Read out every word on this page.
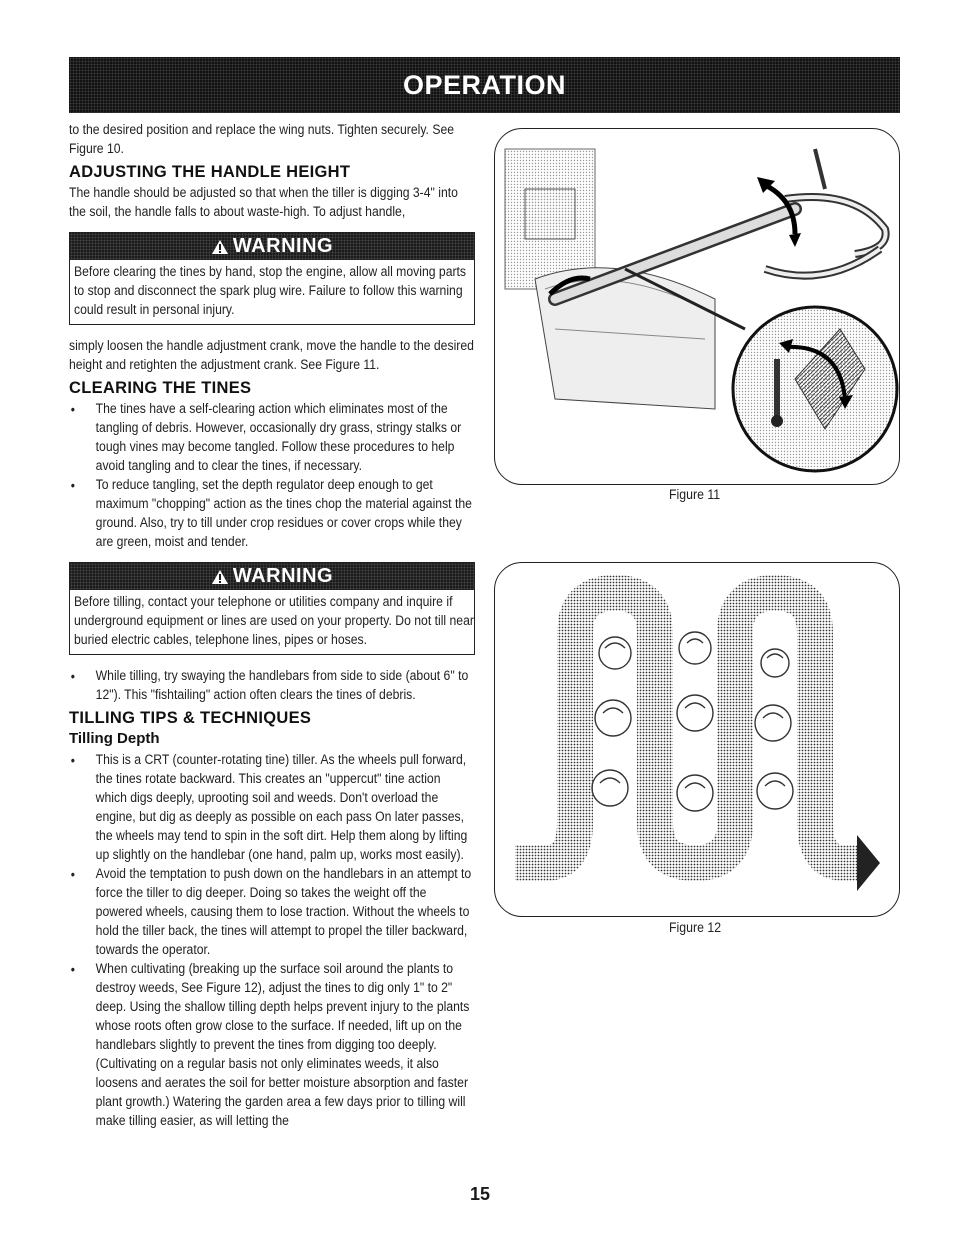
OPERATION

to the desired position and replace the wing nuts. Tighten securely. See Figure 10.

ADJUSTING THE HANDLE HEIGHT

The handle should be adjusted so that when the tiller is digging 3-4" into the soil, the handle falls to about waste-high. To adjust handle,

WARNING

Before clearing the tines by hand, stop the engine, allow all moving parts to stop and disconnect the spark plug wire. Failure to follow this warning could result in personal injury.

simply loosen the handle adjustment crank, move the handle to the desired height and retighten the adjustment crank. See Figure 11.

CLEARING THE TINES
• The tines have a self-clearing action which eliminates most of the tangling of debris. However, occasionally dry grass, stringy stalks or tough vines may become tangled. Follow these procedures to help avoid tangling and to clear the tines, if necessary.
• To reduce tangling, set the depth regulator deep enough to get maximum "chopping" action as the tines chop the material against the ground. Also, try to till under crop residues or cover crops while they are green, moist and tender.
WARNING

Before tilling, contact your telephone or utilities company and inquire if underground equipment or lines are used on your property. Do not till near buried electric cables, telephone lines, pipes or hoses.

• While tilling, try swaying the handlebars from side to side (about 6" to 12"). This "fishtailing" action often clears the tines of debris.
TILLING TIPS & TECHNIQUES
Tilling Depth
• This is a CRT (counter-rotating tine) tiller. As the wheels pull forward, the tines rotate backward. This creates an "uppercut" tine action which digs deeply, uprooting soil and weeds. Don't overload the engine, but dig as deeply as possible on each pass On later passes, the wheels may tend to spin in the soft dirt. Help them along by lifting up slightly on the handlebar (one hand, palm up, works most easily).
• Avoid the temptation to push down on the handlebars in an attempt to force the tiller to dig deeper. Doing so takes the weight off the powered wheels, causing them to lose traction. Without the wheels to hold the tiller back, the tines will attempt to propel the tiller backward, towards the operator.
• When cultivating (breaking up the surface soil around the plants to destroy weeds, See Figure 12), adjust the tines to dig only 1" to 2" deep. Using the shallow tilling depth helps prevent injury to the plants whose roots often grow close to the surface. If needed, lift up on the handlebars slightly to prevent the tines from digging too deeply. (Cultivating on a regular basis not only eliminates weeds, it also loosens and aerates the soil for better moisture absorption and faster plant growth.) Watering the garden area a few days prior to tilling will make tilling easier, as will letting the
Figure 11
Figure 12
15
